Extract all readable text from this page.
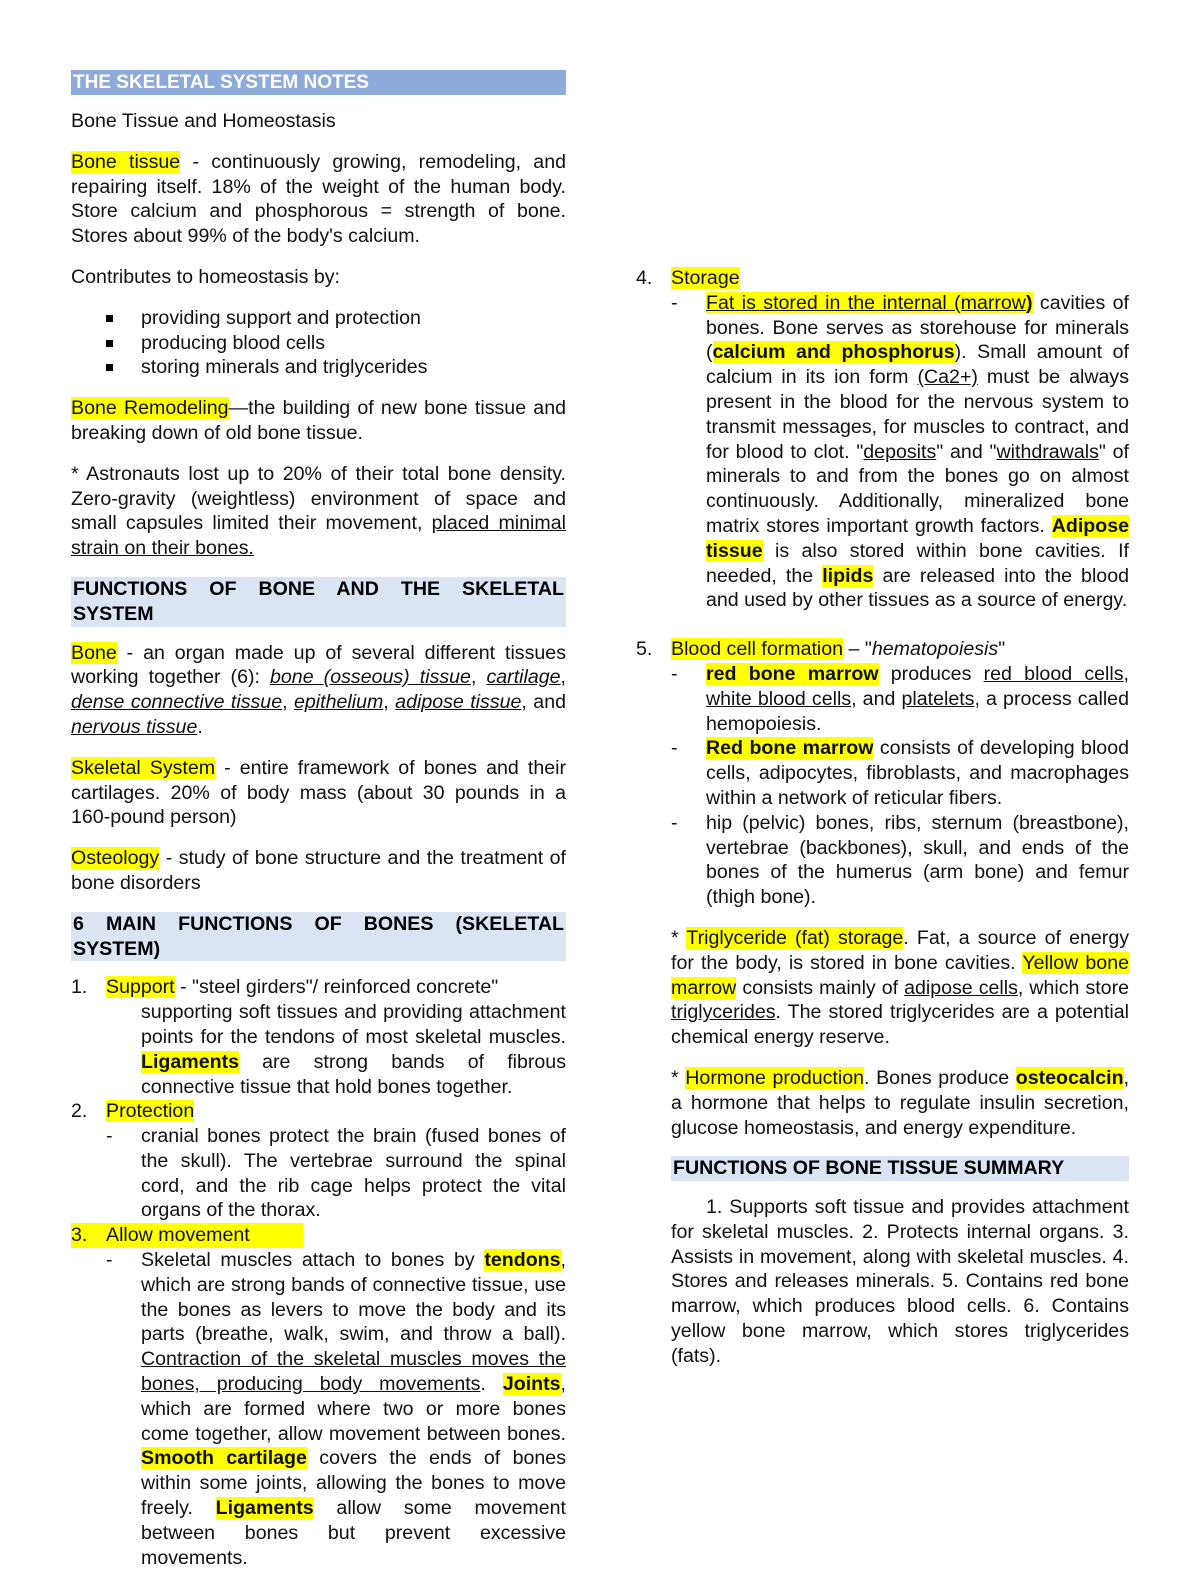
THE SKELETAL SYSTEM NOTES

Bone Tissue and Homeostasis

Bone tissue - continuously growing, remodeling, and repairing itself. 18% of the weight of the human body. Store calcium and phosphorous = strength of bone. Stores about 99% of the body's calcium.

Contributes to homeostasis by:

providing support and protection
producing blood cells
storing minerals and triglycerides

Bone Remodeling—the building of new bone tissue and breaking down of old bone tissue.

* Astronauts lost up to 20% of their total bone density. Zero-gravity (weightless) environment of space and small capsules limited their movement, placed minimal strain on their bones.

FUNCTIONS OF BONE AND THE SKELETAL SYSTEM

Bone - an organ made up of several different tissues working together (6): bone (osseous) tissue, cartilage, dense connective tissue, epithelium, adipose tissue, and nervous tissue.

Skeletal System - entire framework of bones and their cartilages. 20% of body mass (about 30 pounds in a 160-pound person)

Osteology - study of bone structure and the treatment of bone disorders

6 MAIN FUNCTIONS OF BONES (SKELETAL SYSTEM)
1. Support - "steel girders"/ reinforced concrete"
supporting soft tissues and providing attachment points for the tendons of most skeletal muscles. Ligaments are strong bands of fibrous connective tissue that hold bones together.
2. Protection
- cranial bones protect the brain (fused bones of the skull). The vertebrae surround the spinal cord, and the rib cage helps protect the vital organs of the thorax.
3. Allow movement
- Skeletal muscles attach to bones by tendons, which are strong bands of connective tissue, use the bones as levers to move the body and its parts (breathe, walk, swim, and throw a ball). Contraction of the skeletal muscles moves the bones, producing body movements. Joints, which are formed where two or more bones come together, allow movement between bones. Smooth cartilage covers the ends of bones within some joints, allowing the bones to move freely. Ligaments allow some movement between bones but prevent excessive movements.
4. Storage
- Fat is stored in the internal (marrow) cavities of bones. Bone serves as storehouse for minerals (calcium and phosphorus). Small amount of calcium in its ion form (Ca2+) must be always present in the blood for the nervous system to transmit messages, for muscles to contract, and for blood to clot. "deposits" and "withdrawals" of minerals to and from the bones go on almost continuously. Additionally, mineralized bone matrix stores important growth factors. Adipose tissue is also stored within bone cavities. If needed, the lipids are released into the blood and used by other tissues as a source of energy.
5. Blood cell formation – "hematopoiesis"
- red bone marrow produces red blood cells, white blood cells, and platelets, a process called hemopoiesis.
- Red bone marrow consists of developing blood cells, adipocytes, fibroblasts, and macrophages within a network of reticular fibers.
- hip (pelvic) bones, ribs, sternum (breastbone), vertebrae (backbones), skull, and ends of the bones of the humerus (arm bone) and femur (thigh bone).

* Triglyceride (fat) storage. Fat, a source of energy for the body, is stored in bone cavities. Yellow bone marrow consists mainly of adipose cells, which store triglycerides. The stored triglycerides are a potential chemical energy reserve.

* Hormone production. Bones produce osteocalcin, a hormone that helps to regulate insulin secretion, glucose homeostasis, and energy expenditure.

FUNCTIONS OF BONE TISSUE SUMMARY

1. Supports soft tissue and provides attachment for skeletal muscles. 2. Protects internal organs. 3. Assists in movement, along with skeletal muscles. 4. Stores and releases minerals. 5. Contains red bone marrow, which produces blood cells. 6. Contains yellow bone marrow, which stores triglycerides (fats).
